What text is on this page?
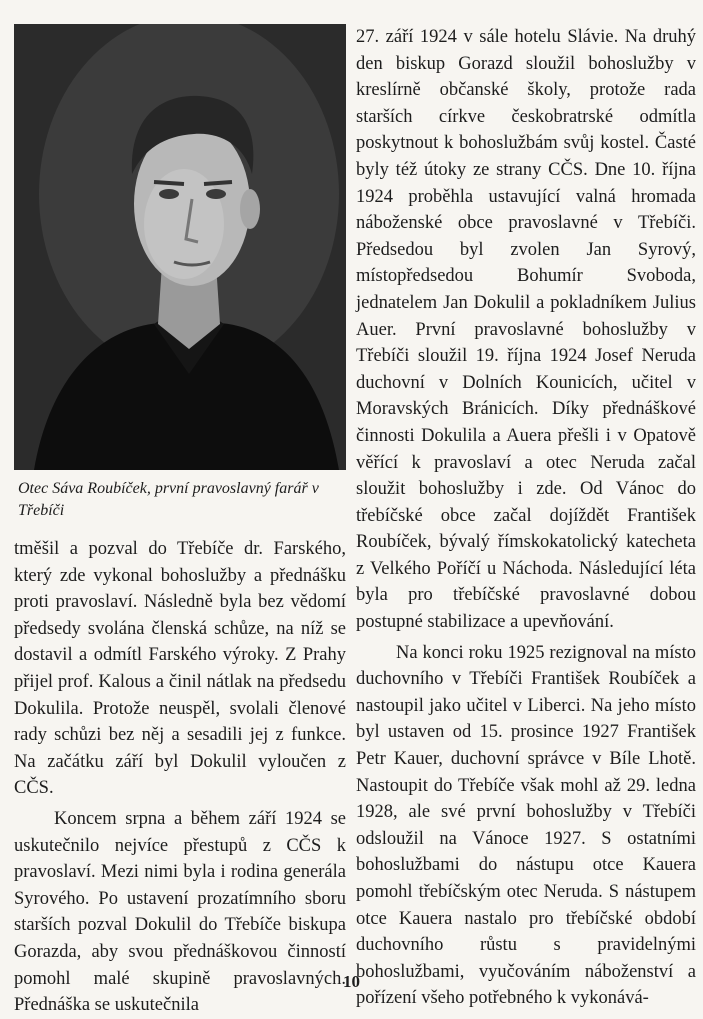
Otec Sáva Roubíček, první pravoslavný farář v Třebíči

tměšil a pozval do Třebíče dr. Farského, který zde vykonal bohoslužby a přednášku proti pravoslaví. Následně byla bez vědomí předsedy svolána členská schůze, na níž se dostavil a odmítl Farského výroky. Z Prahy přijel prof. Kalous a činil nátlak na předsedu Dokulila. Protože neuspěl, svolali členové rady schůzi bez něj a sesadili jej z funkce. Na začátku září byl Dokulil vyloučen z CČS.

Koncem srpna a během září 1924 se uskutečnilo nejvíce přestupů z CČS k pravoslaví. Mezi nimi byla i rodina generála Syrového. Po ustavení prozatímního sboru starších pozval Dokulil do Třebíče biskupa Gorazda, aby svou přednáškovou činností pomohl malé skupině pravoslavných. Přednáška se uskutečnila

27. září 1924 v sále hotelu Slávie. Na druhý den biskup Gorazd sloužil bohoslužby v kreslírně občanské školy, protože rada starších církve českobratrské odmítla poskytnout k bohoslužbám svůj kostel. Časté byly též útoky ze strany CČS. Dne 10. října 1924 proběhla ustavující valná hromada náboženské obce pravoslavné v Třebíči. Předsedou byl zvolen Jan Syrový, místopředsedou Bohumír Svoboda, jednatelem Jan Dokulil a pokladníkem Julius Auer. První pravoslavné bohoslužby v Třebíči sloužil 19. října 1924 Josef Neruda duchovní v Dolních Kounicích, učitel v Moravských Bránicích. Díky přednáškové činnosti Dokulila a Auera přešli i v Opatově věřící k pravoslaví a otec Neruda začal sloužit bohoslužby i zde. Od Vánoc do třebíčské obce začal dojíždět František Roubíček, bývalý římskokatolický katecheta z Velkého Poříčí u Náchoda. Následující léta byla pro třebíčské pravoslavné dobou postupné stabilizace a upevňování.

Na konci roku 1925 rezignoval na místo duchovního v Třebíči František Roubíček a nastoupil jako učitel v Liberci. Na jeho místo byl ustaven od 15. prosince 1927 František Petr Kauer, duchovní správce v Bíle Lhotě. Nastoupit do Třebíče však mohl až 29. ledna 1928, ale své první bohoslužby v Třebíči odsloužil na Vánoce 1927. S ostatními bohoslužbami do nástupu otce Kauera pomohl třebíčským otec Neruda. S nástupem otce Kauera nastalo pro třebíčské období duchovního růstu s pravidelnými bohoslužbami, vyučováním náboženství a pořízení všeho potřebného k vykonává-

10
